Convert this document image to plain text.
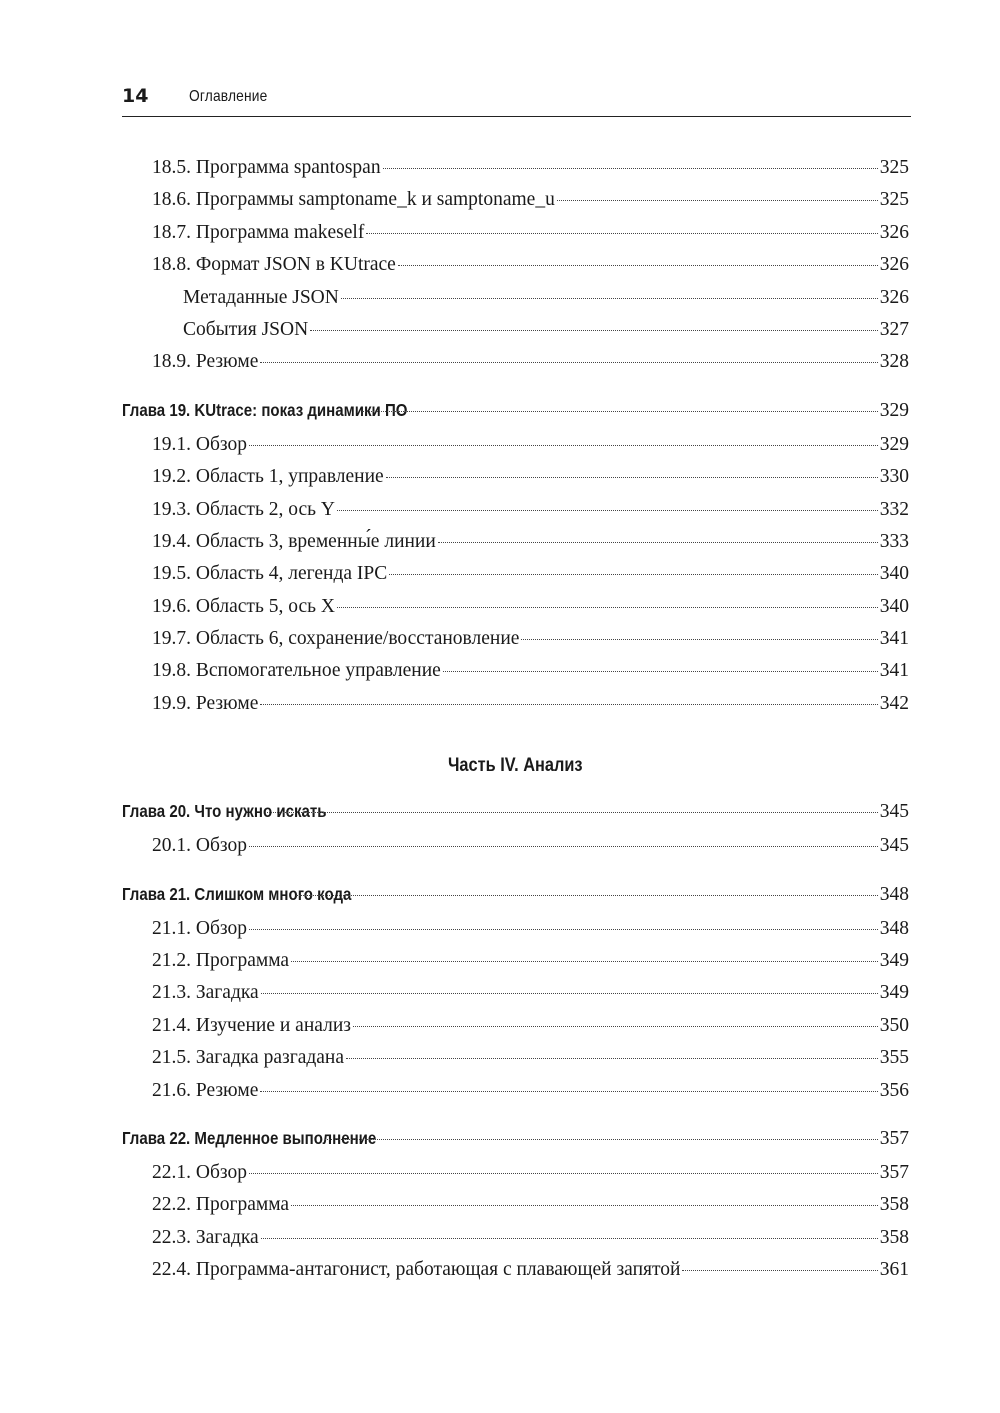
14	Оглавление
18.5. Программа spantospan	325
18.6. Программы samptoname_k и samptoname_u	325
18.7. Программа makeself	326
18.8. Формат JSON в KUtrace	326
Метаданные JSON	326
События JSON	327
18.9. Резюме	328
Глава 19. KUtrace: показ динамики ПО	329
19.1. Обзор	329
19.2. Область 1, управление	330
19.3. Область 2, ось Y	332
19.4. Область 3, временны́е линии	333
19.5. Область 4, легенда IPC	340
19.6. Область 5, ось X	340
19.7. Область 6, сохранение/восстановление	341
19.8. Вспомогательное управление	341
19.9. Резюме	342
Часть IV. Анализ
Глава 20. Что нужно искать	345
20.1. Обзор	345
Глава 21. Слишком много кода	348
21.1. Обзор	348
21.2. Программа	349
21.3. Загадка	349
21.4. Изучение и анализ	350
21.5. Загадка разгадана	355
21.6. Резюме	356
Глава 22. Медленное выполнение	357
22.1. Обзор	357
22.2. Программа	358
22.3. Загадка	358
22.4. Программа-антагонист, работающая с плавающей запятой	361
